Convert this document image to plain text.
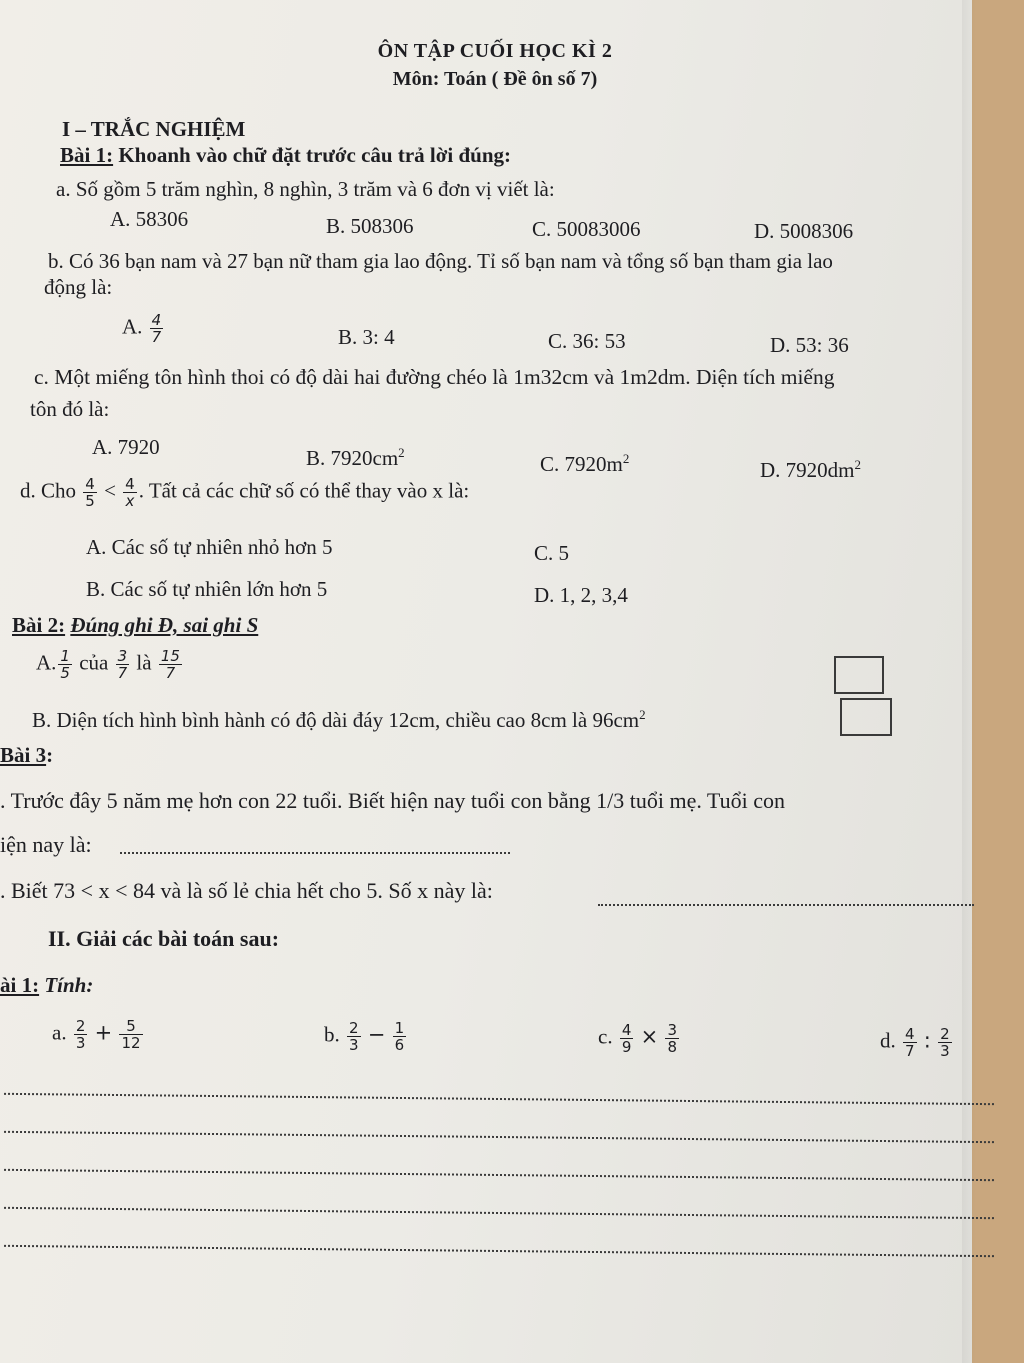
ÔN TẬP CUỐI HỌC KÌ 2
Môn: Toán ( Đề ôn số 7)
I – TRẮC NGHIỆM
Bài 1: Khoanh vào chữ đặt trước câu trả lời đúng:
a. Số gồm 5 trăm nghìn, 8 nghìn, 3 trăm và 6 đơn vị viết là:
A. 58306	B. 508306	C. 50083006	D. 5008306
b. Có 36 bạn nam và 27 bạn nữ tham gia lao động. Tỉ số bạn nam và tổng số bạn tham gia lao
động là:
A. $\frac{4}{7}$	B. 3: 4	C. 36: 53	D. 53: 36
c. Một miếng tôn hình thoi có độ dài hai đường chéo là 1m32cm và 1m2dm. Diện tích miếng
tôn đó là:
A. 7920	B. $7920cm^2$	C. $7920m^2$	D. $7920dm^2$
d. Cho $\frac{4}{5} < \frac{4}{x}$ . Tất cả các chữ số có thể thay vào x là:
A. Các số tự nhiên nhỏ hơn 5	C. 5
B. Các số tự nhiên lớn hơn 5	D. 1, 2, 3,4
Bài 2: Đúng ghi Đ, sai ghi S
A. $\frac{1}{5}$ của $\frac{3}{7}$ là $\frac{15}{7}$
B. Diện tích hình bình hành có độ dài đáy 12cm, chiều cao 8cm là $96cm^2$
Bài 3:
. Trước đây 5 năm mẹ hơn con 22 tuổi. Biết hiện nay tuổi con bằng 1/3 tuổi mẹ. Tuổi con
iện nay là:
. Biết 73 < x < 84 và là số lẻ chia hết cho 5. Số x này là:
II. Giải các bài toán sau:
ài 1: Tính:
a. $\frac{2}{3} + \frac{5}{12}$	b. $\frac{2}{3} - \frac{1}{6}$	c. $\frac{4}{9} \times \frac{3}{8}$	d. $\frac{4}{7}$ : $\frac{2}{3}$
